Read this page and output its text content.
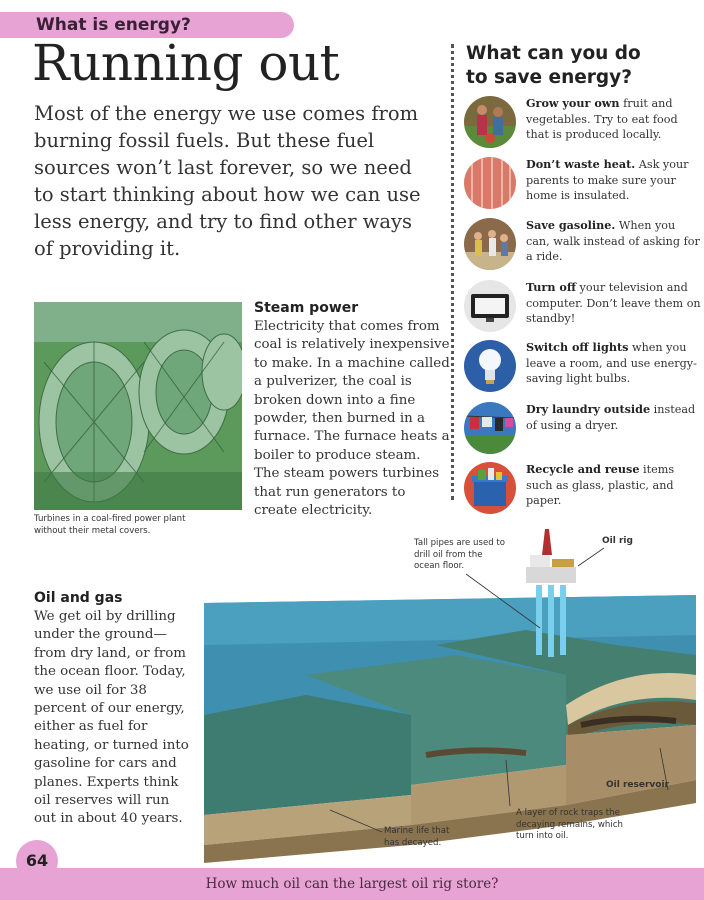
What is energy?
Running out
Most of the energy we use comes from burning fossil fuels. But these fuel sources won’t last forever, so we need to start thinking about how we can use less energy, and try to find other ways of providing it.
What can you do
to save energy?
Grow your own fruit and vegetables. Try to eat food that is produced locally.
Don’t waste heat. Ask your parents to make sure your home is insulated.
Save gasoline. When you can, walk instead of asking for a ride.
Turn off your television and computer. Don’t leave them on standby!
Switch off lights when you leave a room, and use energy-saving light bulbs.
Dry laundry outside instead of using a dryer.
Recycle and reuse items such as glass, plastic, and paper.
Turbines in a coal-fired power plant
without their metal covers.
Steam power
Electricity that comes from coal is relatively inexpensive to make. In a machine called a pulverizer, the coal is broken down into a fine powder, then burned in a furnace. The furnace heats a boiler to produce steam. The steam powers turbines that run generators to create electricity.
Oil and gas
We get oil by drilling under the ground—from dry land, or from the ocean floor. Today, we use oil for 38 percent of our energy, either as fuel for heating, or turned into gasoline for cars and planes. Experts think oil reserves will run out in about 40 years.
Tall pipes are used to
drill oil from the
ocean floor.
Oil rig
Oil reservoir
A layer of rock traps the
decaying remains, which
turn into oil.
Marine life that
has decayed.
How much oil can the largest oil rig store?
64
